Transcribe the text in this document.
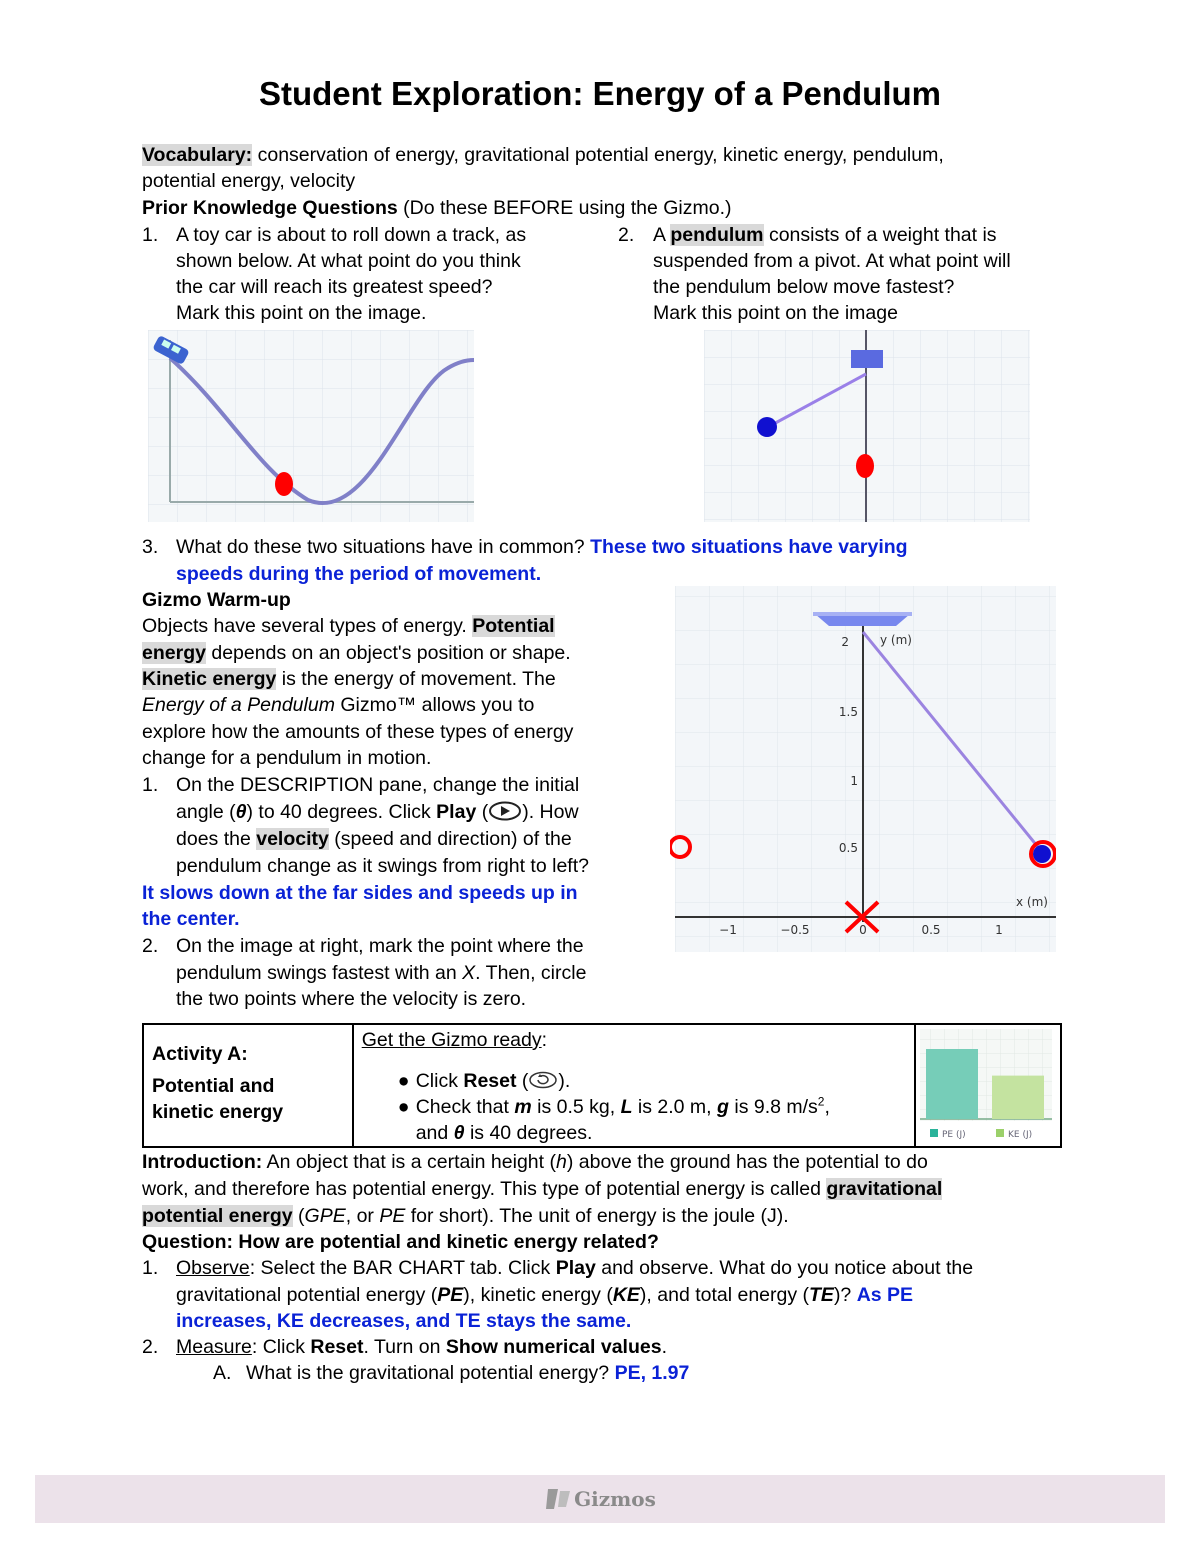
Student Exploration: Energy of a Pendulum
Vocabulary: conservation of energy, gravitational potential energy, kinetic energy, pendulum,
potential energy, velocity
Prior Knowledge Questions (Do these BEFORE using the Gizmo.)
1. A toy car is about to roll down a track, as
shown below. At what point do you think
the car will reach its greatest speed?
Mark this point on the image.
2. A pendulum consists of a weight that is
suspended from a pivot. At what point will
the pendulum below move fastest?
Mark this point on the image
3. What do these two situations have in common? These two situations have varying
speeds during the period of movement.
Gizmo Warm-up
Objects have several types of energy. Potential
energy depends on an object's position or shape.
Kinetic energy is the energy of movement. The
Energy of a Pendulum Gizmo™ allows you to
explore how the amounts of these types of energy
change for a pendulum in motion.
1. On the DESCRIPTION pane, change the initial
angle (θ) to 40 degrees. Click Play ( ). How
does the velocity (speed and direction) of the
pendulum change as it swings from right to left?
It slows down at the far sides and speeds up in
the center.
2. On the image at right, mark the point where the
pendulum swings fastest with an X. Then, circle
the two points where the velocity is zero.
y (m)
x (m)
2
1.5
1
0.5
−1	−0.5	0	0.5	1
Activity A:
Potential and
kinetic energy

Get the Gizmo ready:
● Click Reset ( ).
● Check that m is 0.5 kg, L is 2.0 m, g is 9.8 $m/s^2$,
and θ is 40 degrees.	PE (J)	KE (J)
Introduction: An object that is a certain height (h) above the ground has the potential to do
work, and therefore has potential energy. This type of potential energy is called gravitational
potential energy (GPE, or PE for short). The unit of energy is the joule (J).
Question: How are potential and kinetic energy related?
1. Observe: Select the BAR CHART tab. Click Play and observe. What do you notice about the
gravitational potential energy (PE), kinetic energy (KE), and total energy (TE)? As PE
increases, KE decreases, and TE stays the same.
2. Measure: Click Reset. Turn on Show numerical values.
A. What is the gravitational potential energy? PE, 1.97
Gizmos
